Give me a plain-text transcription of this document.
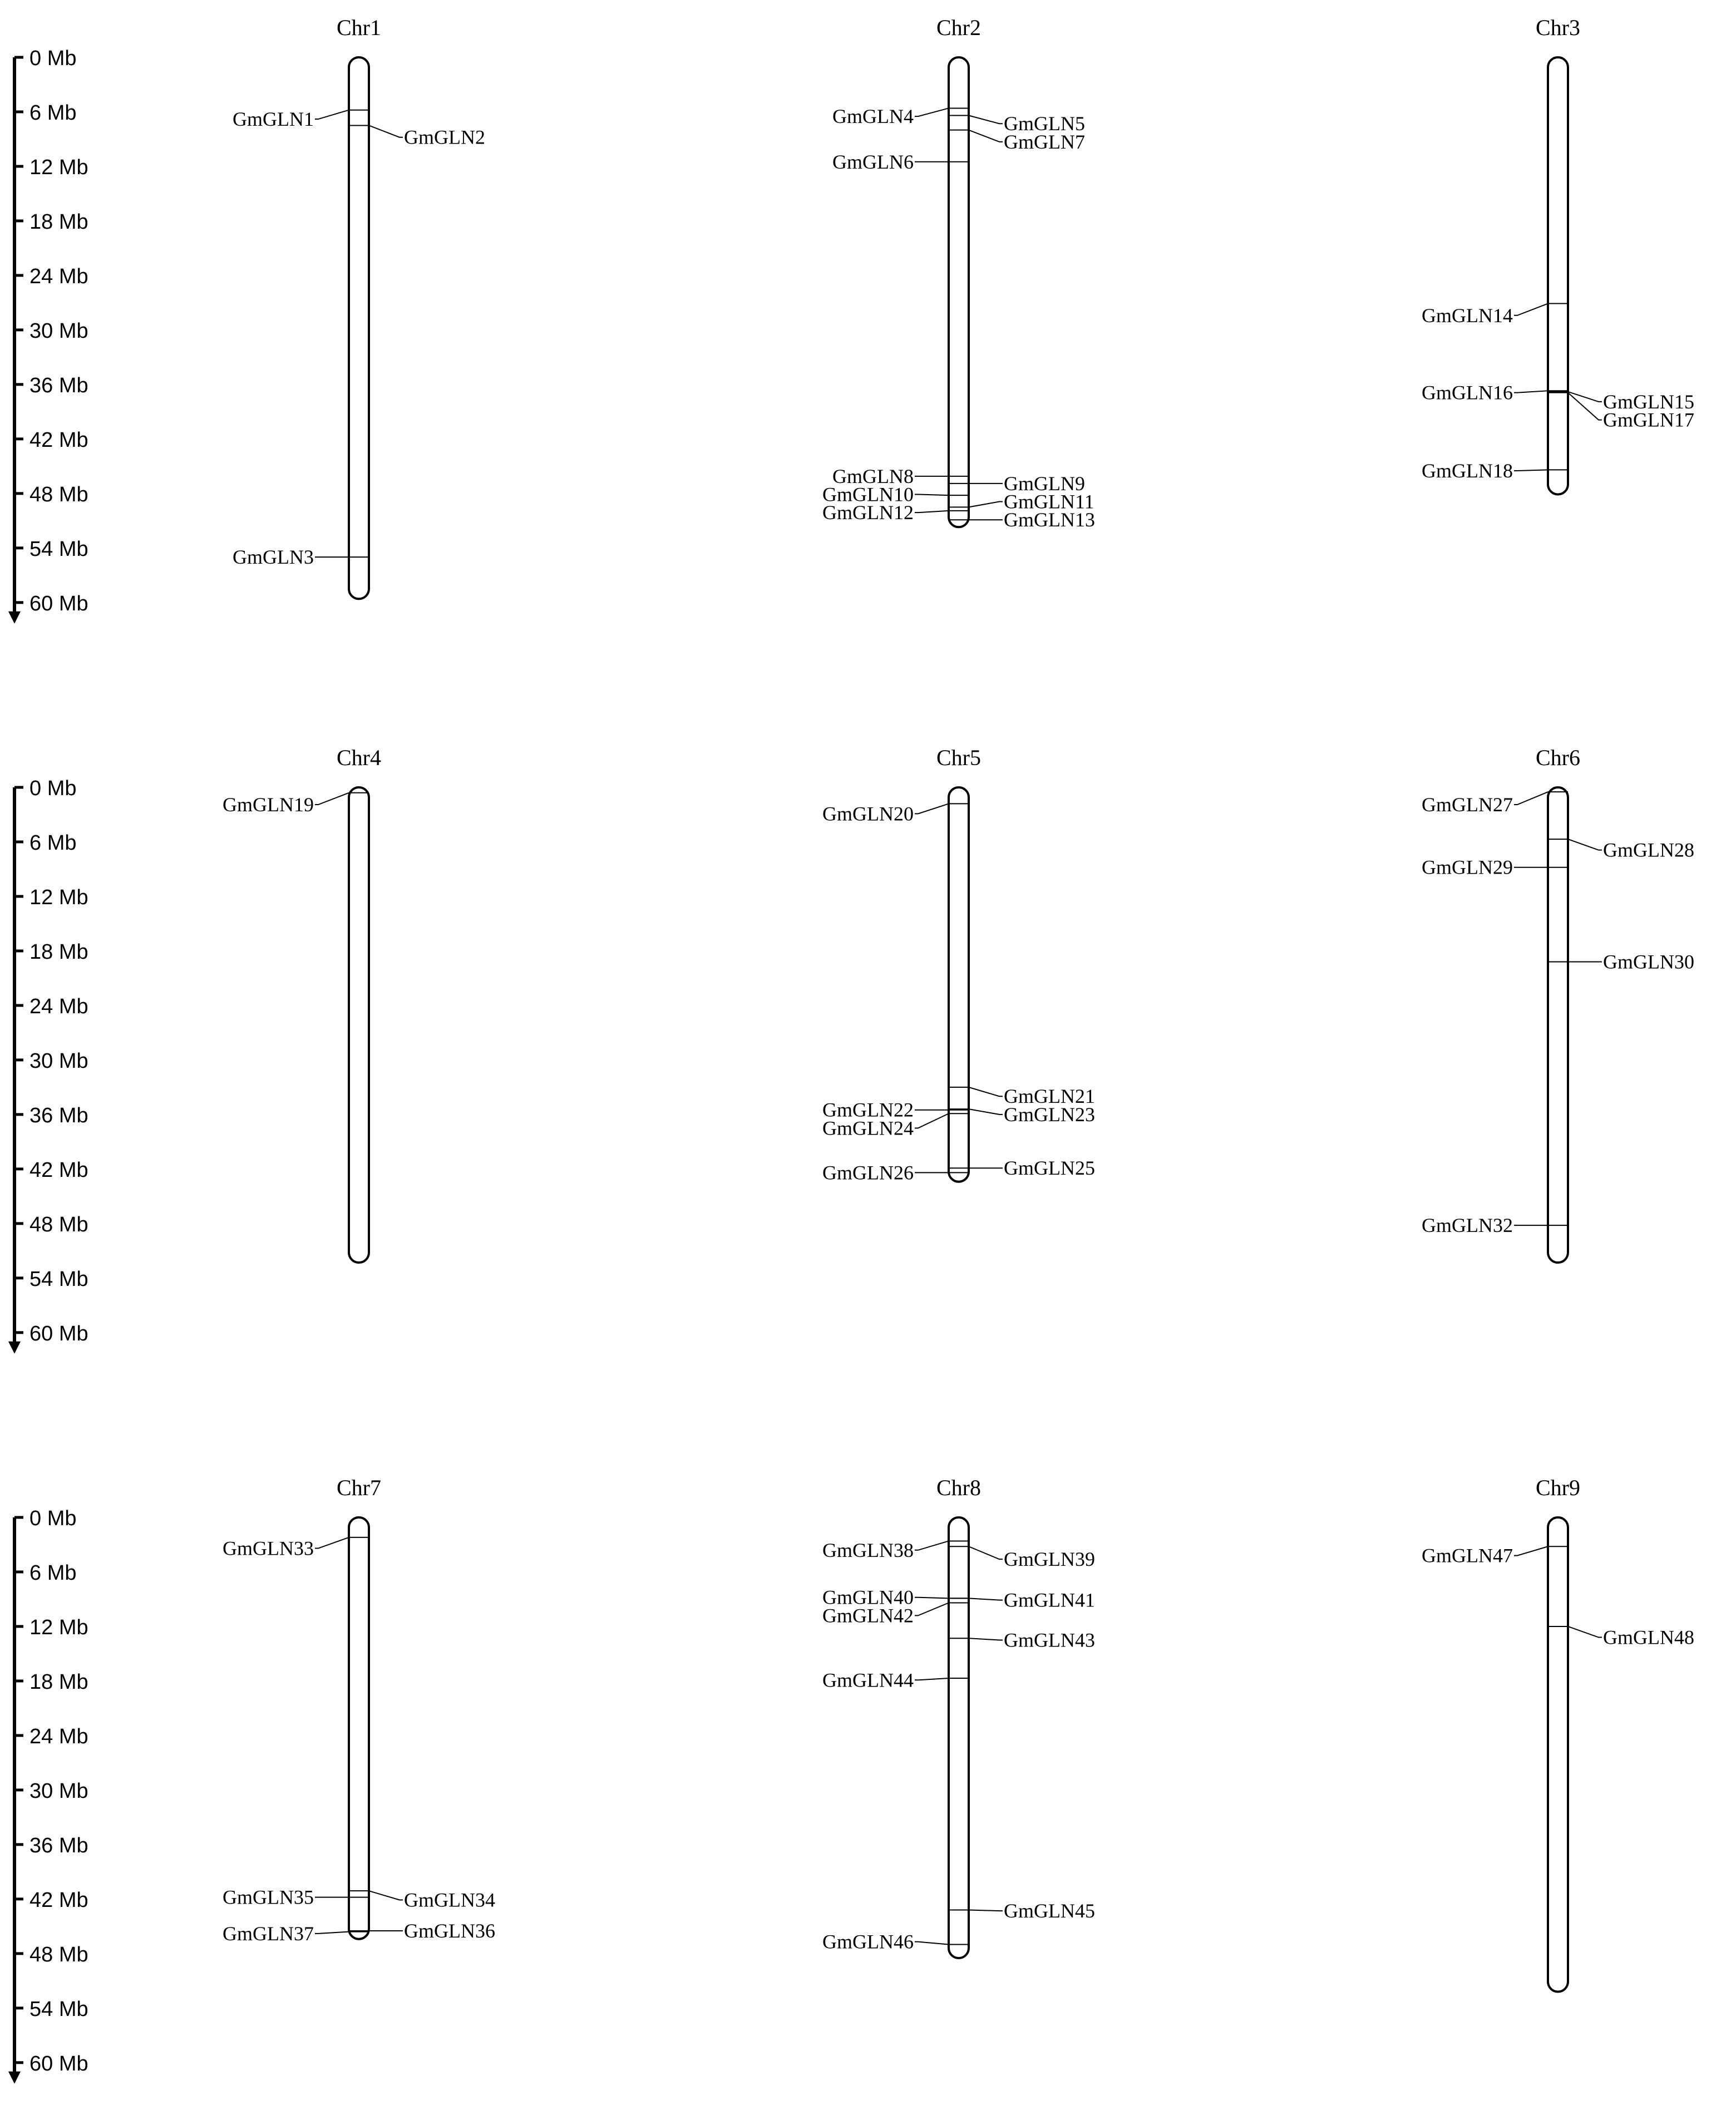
0 Mb
6 Mb
12 Mb
18 Mb
24 Mb
30 Mb
36 Mb
42 Mb
48 Mb
54 Mb
60 Mb
0 Mb
6 Mb
12 Mb
18 Mb
24 Mb
30 Mb
36 Mb
42 Mb
48 Mb
54 Mb
60 Mb
0 Mb
6 Mb
12 Mb
18 Mb
24 Mb
30 Mb
36 Mb
42 Mb
48 Mb
54 Mb
60 Mb
Chr1
GmGLN1
GmGLN2
GmGLN3
Chr2
GmGLN4	GmGLN5
GmGLN7
GmGLN6
GmGLN8	GmGLN9
GmGLN10	GmGLN11
GmGLN12	GmGLN13
Chr3
GmGLN14
GmGLN16	GmGLN15
GmGLN17
GmGLN18
Chr4
GmGLN19
Chr5
GmGLN20
GmGLN21
GmGLN22	GmGLN23
GmGLN24
GmGLN25
GmGLN26
Chr6
GmGLN27
GmGLN28
GmGLN29
GmGLN30
GmGLN32
Chr7
GmGLN33
GmGLN35	GmGLN34
GmGLN36
GmGLN37
Chr8
GmGLN38	GmGLN39
GmGLN40	GmGLN41
GmGLN42
GmGLN43
GmGLN44
GmGLN45
GmGLN46
Chr9
GmGLN47
GmGLN48
